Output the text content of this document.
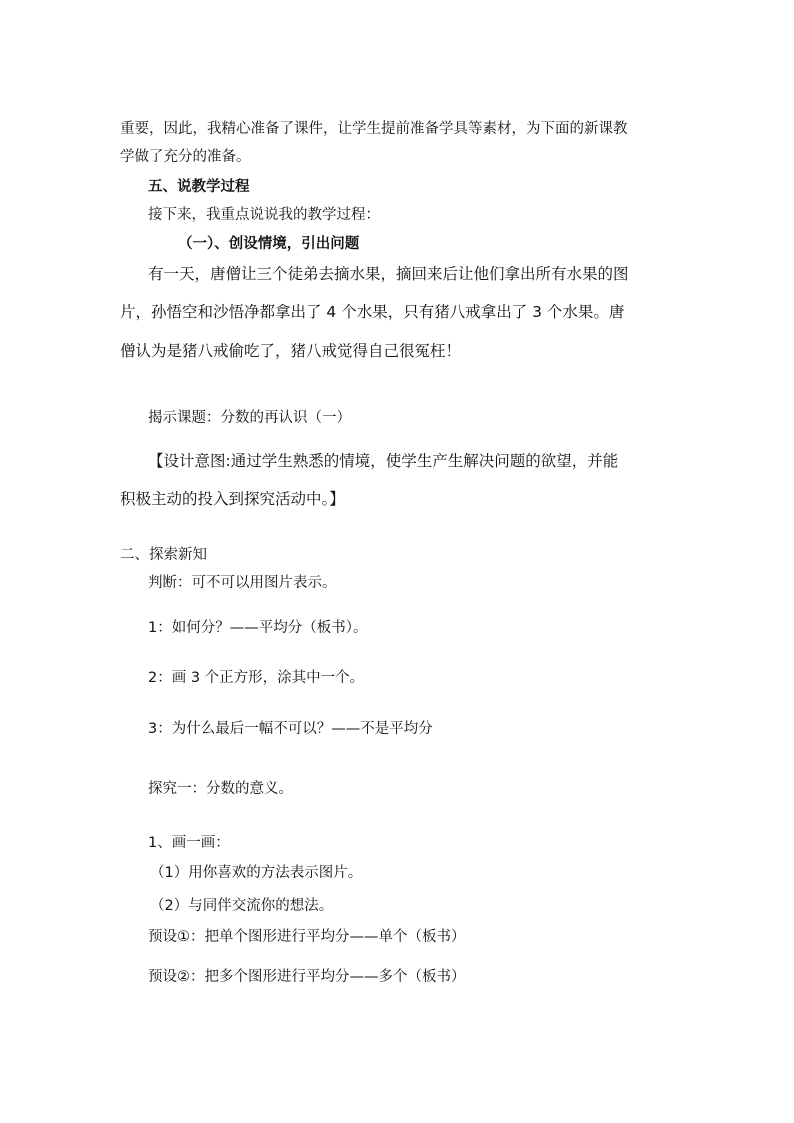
重要，因此，我精心准备了课件，让学生提前准备学具等素材，为下面的新课教
学做了充分的准备。
五、说教学过程
接下来，我重点说说我的教学过程：
（一）、创设情境，引出问题
有一天，唐僧让三个徒弟去摘水果，摘回来后让他们拿出所有水果的图
片，孙悟空和沙悟净都拿出了 4 个水果，只有猪八戒拿出了 3 个水果。唐
僧认为是猪八戒偷吃了，猪八戒觉得自己很冤枉！
揭示课题：分数的再认识（一）
【设计意图:通过学生熟悉的情境，使学生产生解决问题的欲望，并能
积极主动的投入到探究活动中。】
二、探索新知
判断：可不可以用图片表示。
1：如何分？——平均分（板书）。
2：画 3 个正方形，涂其中一个。
3：为什么最后一幅不可以？——不是平均分
探究一：分数的意义。
1、画一画：
（1）用你喜欢的方法表示图片。
（2）与同伴交流你的想法。
预设①：把单个图形进行平均分——单个（板书）
预设②：把多个图形进行平均分——多个（板书）
